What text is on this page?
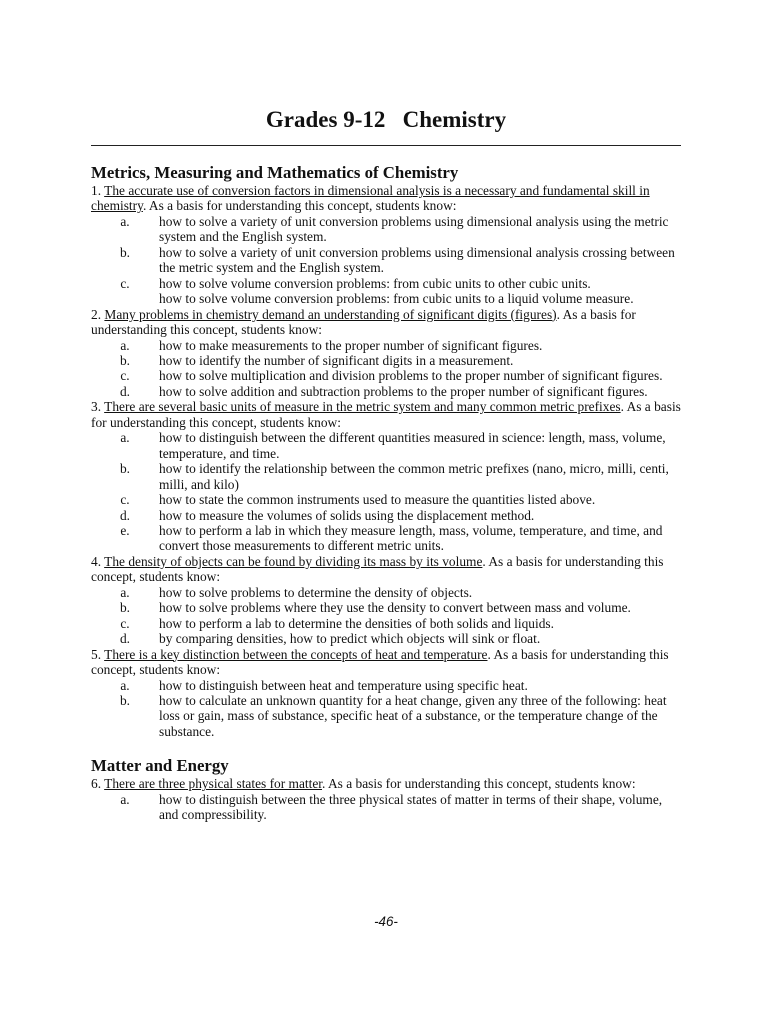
Grades 9-12   Chemistry
Metrics, Measuring and Mathematics of Chemistry

1. The accurate use of conversion factors in dimensional analysis is a necessary and fundamental skill in chemistry. As a basis for understanding this concept, students know:

a.	how to solve a variety of unit conversion problems using dimensional analysis using the metric system and the English system.
b.	how to solve a variety of unit conversion problems using dimensional analysis crossing between the metric system and the English system.
c.	how to solve volume conversion problems: from cubic units to other cubic units.
how to solve volume conversion problems: from cubic units to a liquid volume measure.

2. Many problems in chemistry demand an understanding of significant digits (figures). As a basis for understanding this concept, students know:

a.	how to make measurements to the proper number of significant figures.
b.	how to identify the number of significant digits in a measurement.
c.	how to solve multiplication and division problems to the proper number of significant figures.
d.	how to solve addition and subtraction problems to the proper number of significant figures.

3. There are several basic units of measure in the metric system and many common metric prefixes. As a basis for understanding this concept, students know:

a.	how to distinguish between the different quantities measured in science: length, mass, volume, temperature, and time.
b.	how to identify the relationship between the common metric prefixes (nano, micro, milli, centi, milli, and kilo)
c.	how to state the common instruments used to measure the quantities listed above.
d.	how to measure the volumes of solids using the displacement method.
e.	how to perform a lab in which they measure length, mass, volume, temperature, and time, and convert those measurements to different metric units.

4. The density of objects can be found by dividing its mass by its volume. As a basis for understanding this concept, students know:

a.	how to solve problems to determine the density of objects.
b.	how to solve problems where they use the density to convert between mass and volume.
c.	how to perform a lab to determine the densities of both solids and liquids.
d.	by comparing densities, how to predict which objects will sink or float.

5. There is a key distinction between the concepts of heat and temperature. As a basis for understanding this concept, students know:

a.	how to distinguish between heat and temperature using specific heat.
b.	how to calculate an unknown quantity for a heat change, given any three of the following: heat loss or gain, mass of substance, specific heat of a substance, or the temperature change of the substance.
Matter and Energy

6. There are three physical states for matter. As a basis for understanding this concept, students know:

a.	how to distinguish between the three physical states of matter in terms of their shape, volume, and compressibility.
-46-
